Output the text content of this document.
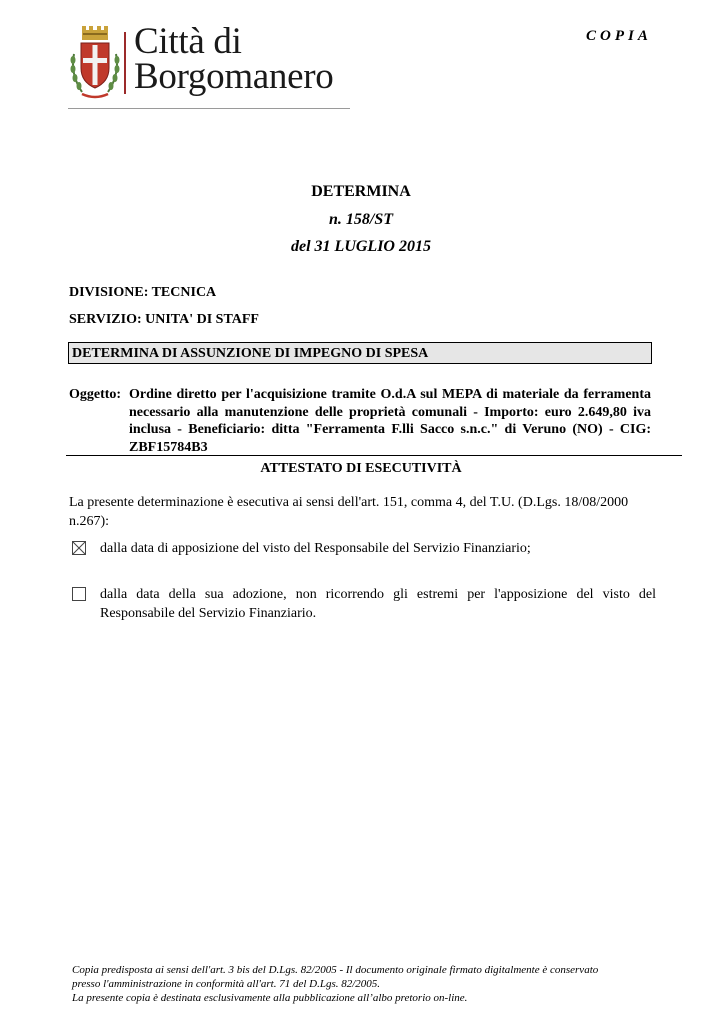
Città di
Borgomanero
COPIA
DETERMINA
n. 158/ST
del 31 LUGLIO 2015
DIVISIONE: TECNICA
SERVIZIO: UNITA' DI STAFF
DETERMINA DI ASSUNZIONE DI IMPEGNO DI SPESA
Oggetto: Ordine diretto per l'acquisizione tramite O.d.A sul MEPA di materiale da ferramenta necessario alla manutenzione delle proprietà comunali - Importo: euro 2.649,80 iva inclusa - Beneficiario: ditta "Ferramenta F.lli Sacco s.n.c." di Veruno (NO) - CIG: ZBF15784B3
ATTESTATO DI ESECUTIVITÀ
La presente determinazione è esecutiva ai sensi dell'art. 151, comma 4, del T.U. (D.Lgs. 18/08/2000 n.267):
dalla data di apposizione del visto del Responsabile del Servizio Finanziario;
dalla data della sua adozione, non ricorrendo gli estremi per l'apposizione del visto del Responsabile del Servizio Finanziario.
Copia predisposta ai sensi dell'art. 3 bis del D.Lgs. 82/2005 - Il documento originale firmato digitalmente è conservato
presso l'amministrazione in conformità all'art. 71 del D.Lgs. 82/2005.
La presente copia è destinata esclusivamente alla pubblicazione all’albo pretorio on-line.
